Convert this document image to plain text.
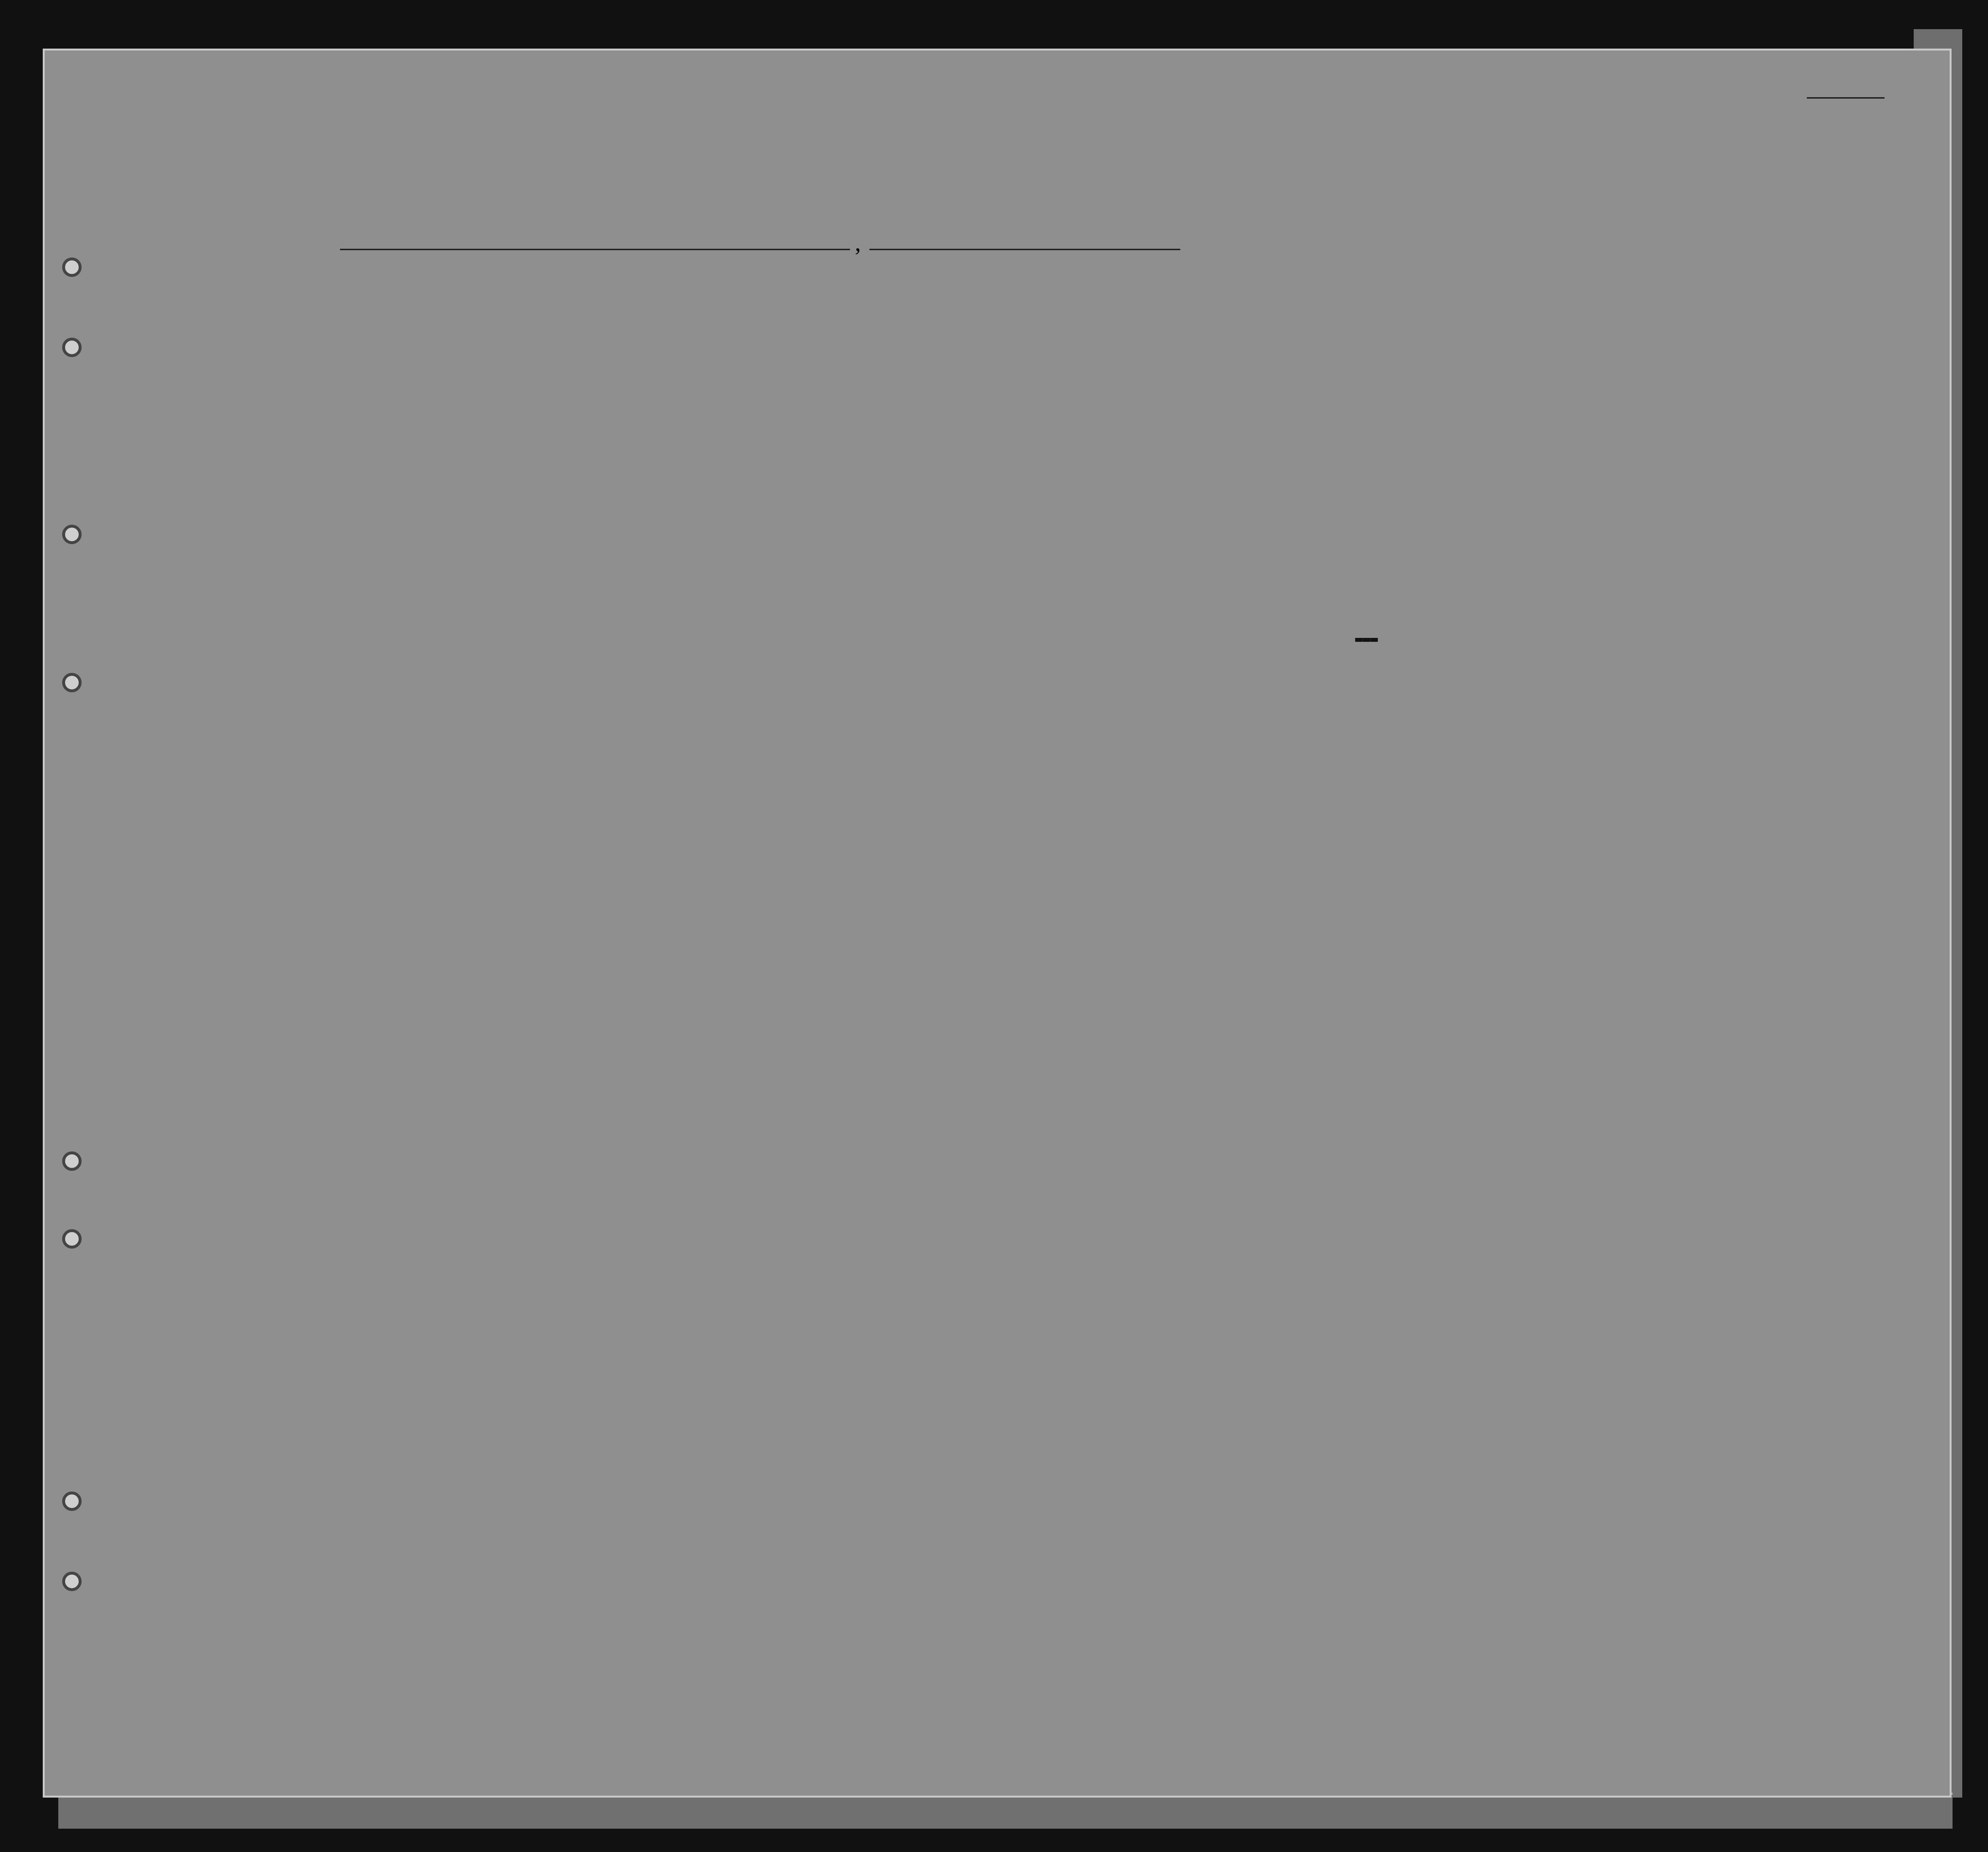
,
▬▬▬
